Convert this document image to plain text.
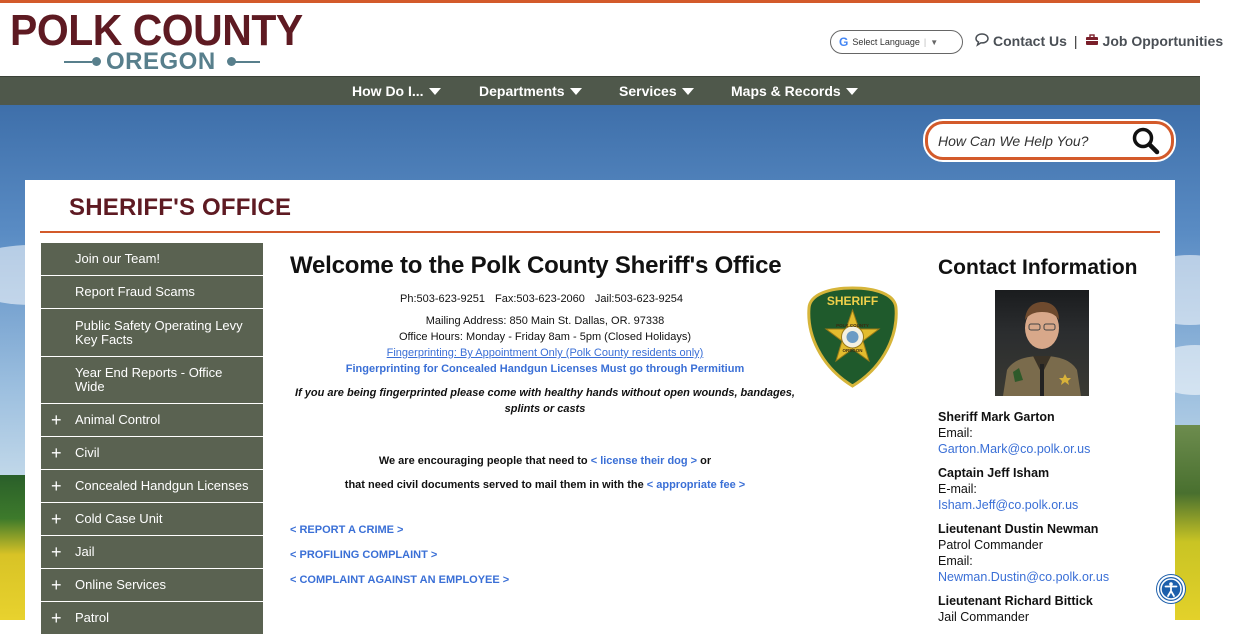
POLK COUNTY
OREGON
G Select Language | ▼	Contact Us |	Job Opportunities
How Do I...	Departments	Services	Maps & Records
How Can We Help You?
SHERIFF'S OFFICE
Join our Team!
Report Fraud Scams
Public Safety Operating Levy Key Facts
Year End Reports - Office Wide
+ Animal Control
+ Civil
+ Concealed Handgun Licenses
+ Cold Case Unit
+ Jail
+ Online Services
+ Patrol
Welcome to the Polk County Sheriff's Office
Ph:503-623-9251 Fax:503-623-2060 Jail:503-623-9254
Mailing Address: 850 Main St. Dallas, OR. 97338
Office Hours: Monday - Friday 8am - 5pm (Closed Holidays)
Fingerprinting: By Appointment Only (Polk County residents only)
Fingerprinting for Concealed Handgun Licenses Must go through Permitium
If you are being fingerprinted please come with healthy hands without open wounds, bandages, splints or casts
We are encouraging people that need to < license their dog > or
that need civil documents served to mail them in with the < appropriate fee >
< REPORT A CRIME >
< PROFILING COMPLAINT >
< COMPLAINT AGAINST AN EMPLOYEE >
SHERIFF
POLK COUNTY
OREGON
Contact Information
Sheriff Mark Garton
Email:
Garton.Mark@co.polk.or.us
Captain Jeff Isham
E-mail:
Isham.Jeff@co.polk.or.us
Lieutenant Dustin Newman
Patrol Commander
Email:
Newman.Dustin@co.polk.or.us
Lieutenant Richard Bittick
Jail Commander
